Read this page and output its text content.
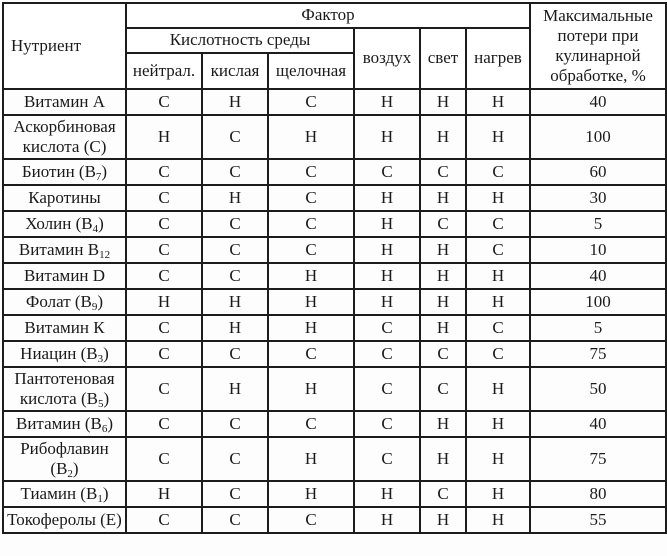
Нутриент	Фактор						Максимальные потери при кулинарной обработке, %
	Кислотность среды			воздух	свет	нагрев	
	нейтрал.	кислая	щелочная				
Витамин А	С	Н	С	Н	Н	Н	40
Аскорбиновая кислота (С)	Н	С	Н	Н	Н	Н	100
Биотин $(В_7)$	С	С	С	С	С	С	60
Каротины	С	Н	С	Н	Н	Н	30
Холин $(В_4)$	С	С	С	Н	С	С	5
Витамин $В_{12}$	С	С	С	Н	Н	С	10
Витамин D	С	С	Н	Н	Н	Н	40
Фолат $(В_9)$	Н	Н	Н	Н	Н	Н	100
Витамин К	С	Н	Н	С	Н	С	5
Ниацин $(В_3)$	С	С	С	С	С	С	75
Пантотеновая кислота $(В_5)$	С	Н	Н	С	С	Н	50
Витамин $(В_6)$	С	С	С	С	Н	Н	40
Рибофлавин $(В_2)$	С	С	Н	С	Н	Н	75
Тиамин $(В_1)$	Н	С	Н	Н	С	Н	80
Токоферолы (Е)	С	С	С	Н	Н	Н	55
